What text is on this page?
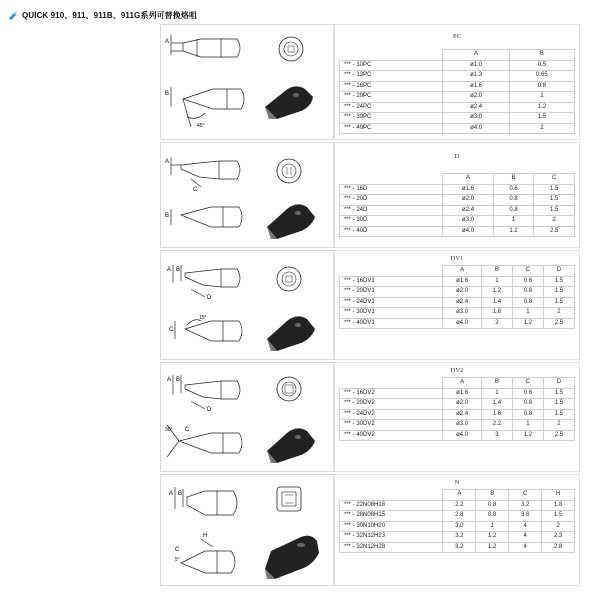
QUICK 910、911、911B、911G系列可替换烙咀
A
B
45°
PC
	A	B
*** - 10PC	ø1.0	0.5
*** - 13PC	ø1.3	0.65
*** - 16PC	ø1.6	0.8
*** - 20PC	ø2.0	1
*** - 24PC	ø2.4	1.2
*** - 30PC	ø3.0	1.5
*** - 40PC	ø4.0	2
A
C
B
D
	A	B	C
*** - 16D	ø1.6	0.6	1.5
*** - 20D	ø2.0	0.8	1.5
*** - 24D	ø2.4	0.8	1.5
*** - 30D	ø3.0	1	2
*** - 40D	ø4.0	1.2	2.5
A B
D
C
15°
DV1
	A	B	C	D
*** - 16DV1	ø1.6	1	0.6	1.5
*** - 20DV1	ø2.0	1.2	0.8	1.5
*** - 24DV1	ø2.4	1.4	0.8	1.5
*** - 30DV1	ø3.0	1.6	1	2
*** - 40DV1	ø4.0	2	1.2	2.5
A B
D
C
30°
DV2
	A	B	C	D
*** - 16DV2	ø1.6	1	0.6	1.5
*** - 20DV2	ø2.0	1.4	0.8	1.5
*** - 24DV2	ø2.4	1.6	0.8	1.5
*** - 30DV2	ø3.0	2.2	1	2
*** - 40DV2	ø4.0	3	1.2	2.5
A B
H
C
5°
N
	A	B	C	H
*** - 22N08H18	2.2	0.8	3.2	1.8
*** - 28N08H15	2.8	0.8	3.6	1.5
*** - 30N10H20	3.0	1	4	2
*** - 32N12H23	3.2	1.2	4	2.3
*** - 32N12H28	3.2	1.2	4	2.8
